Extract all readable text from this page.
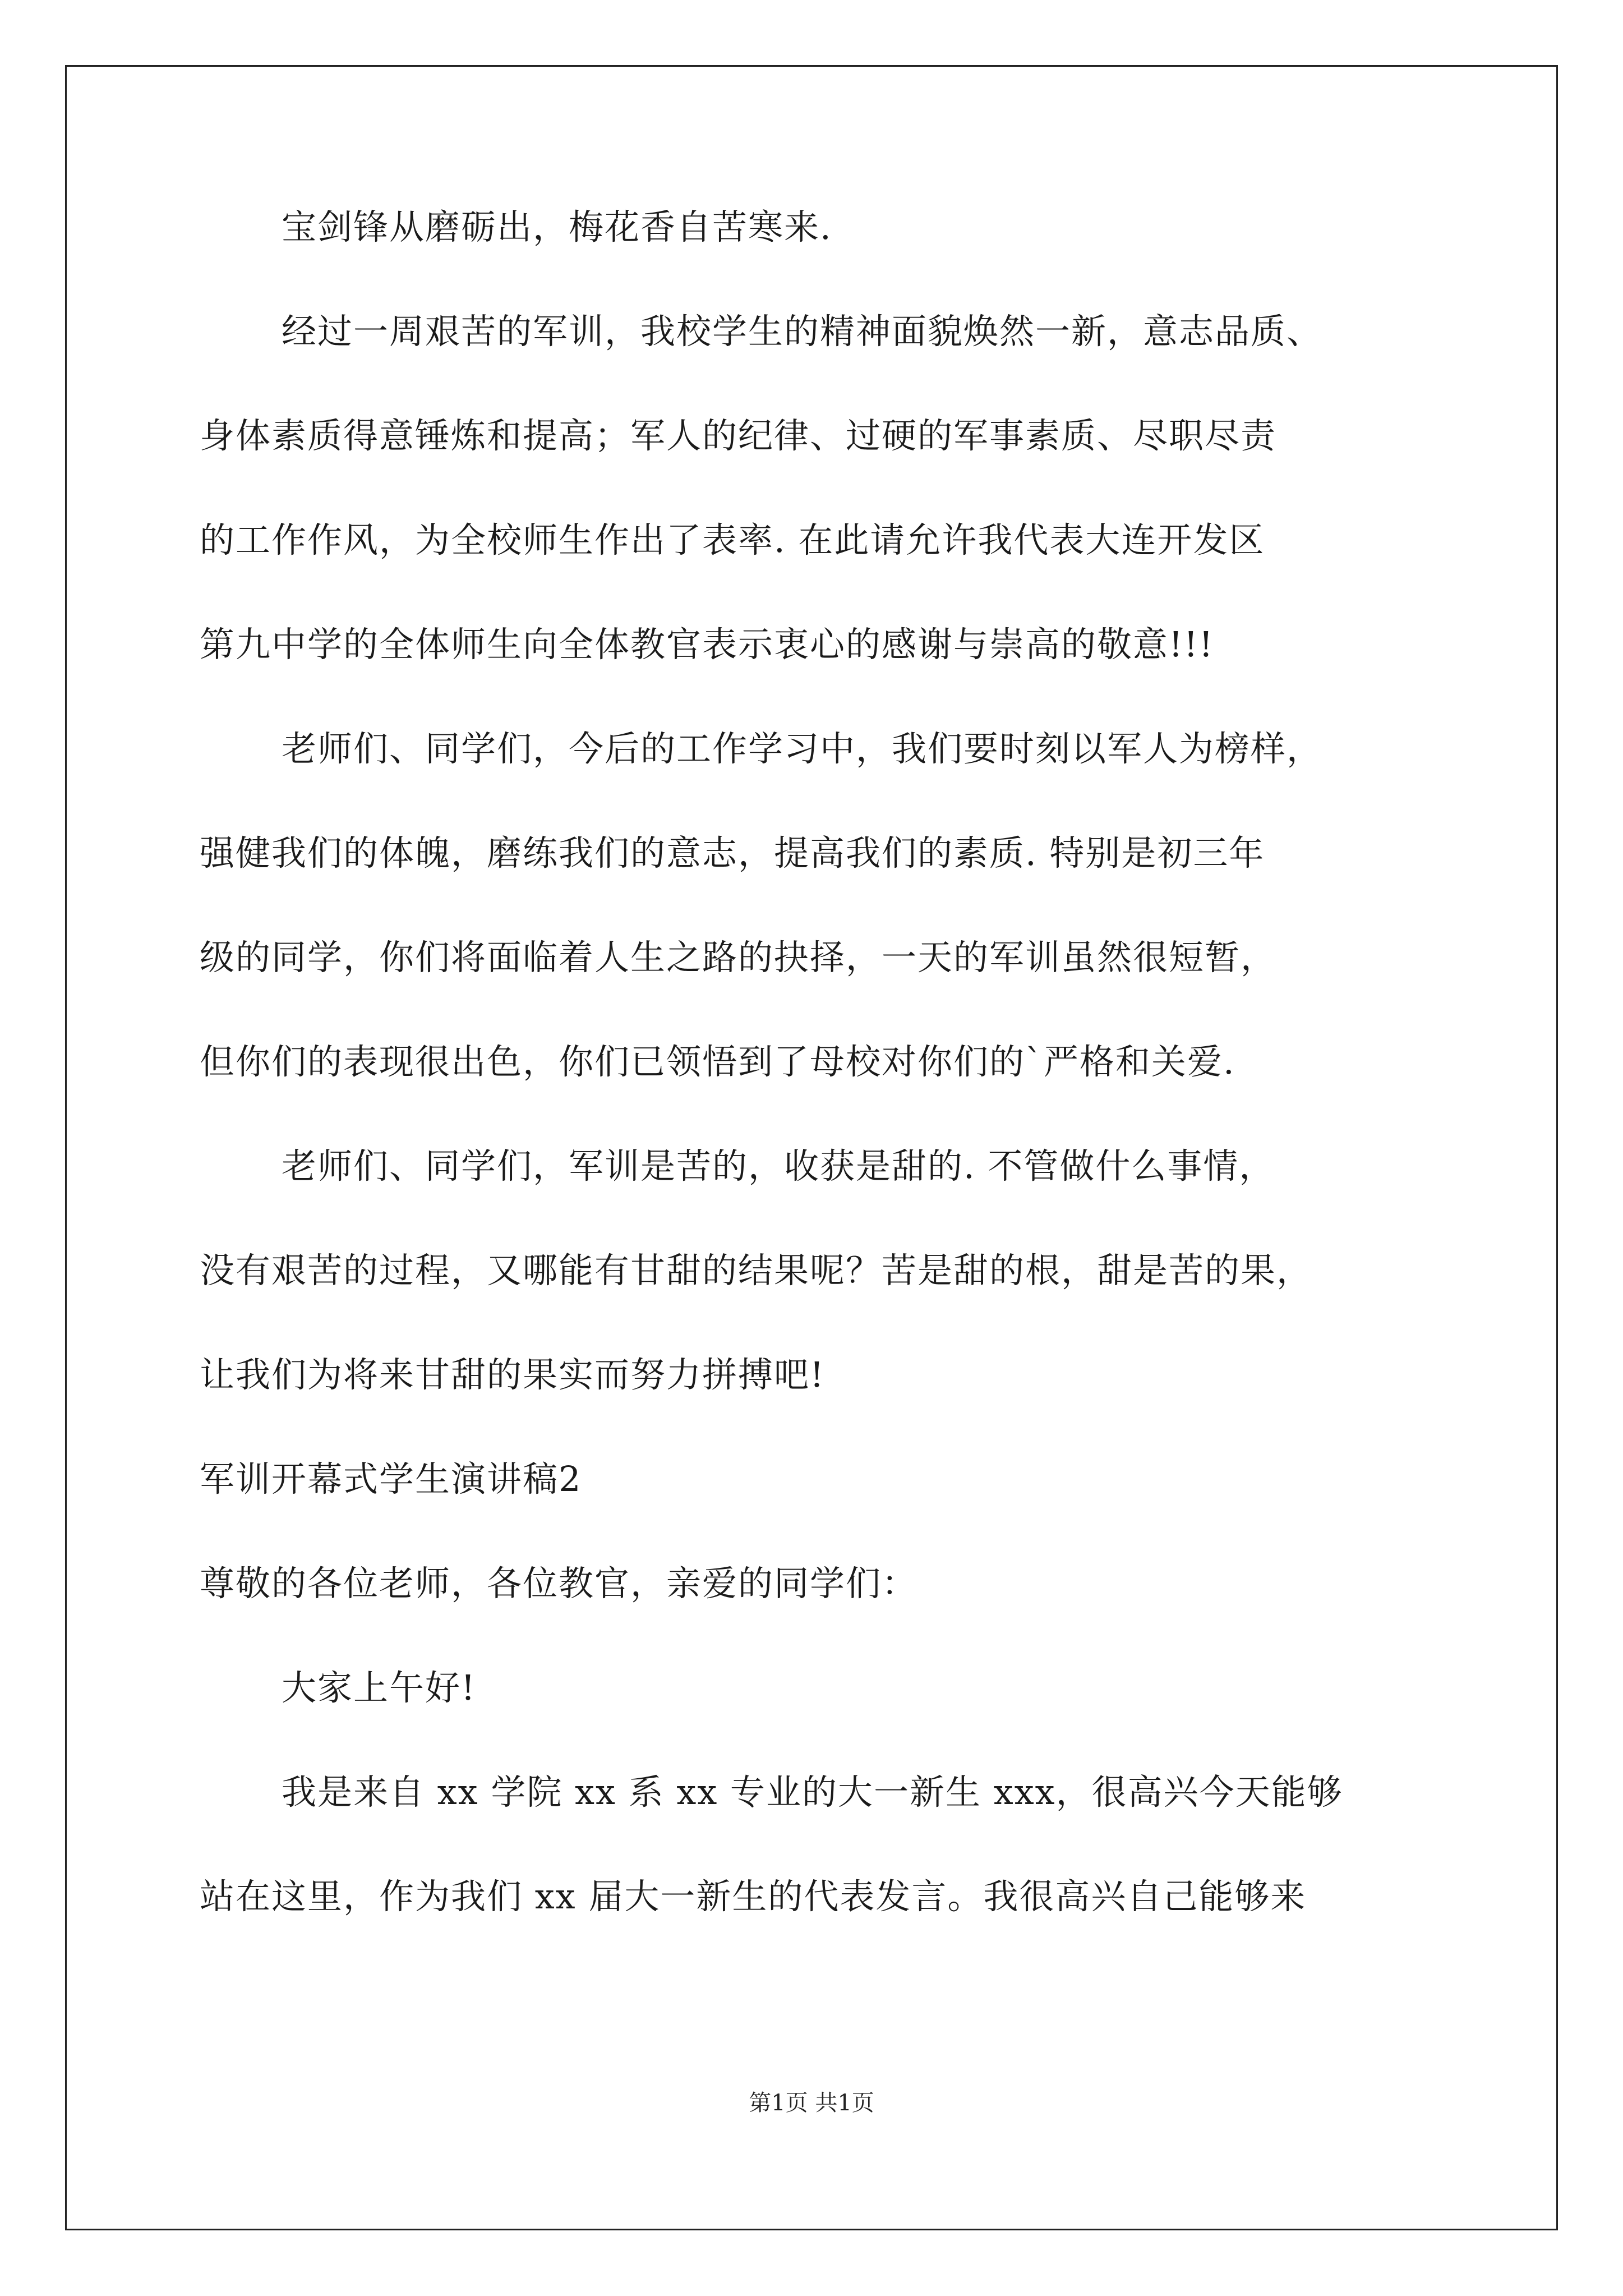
宝剑锋从磨砺出，梅花香自苦寒来.
经过一周艰苦的军训，我校学生的精神面貌焕然一新，意志品质、
身体素质得意锤炼和提高；军人的纪律、过硬的军事素质、尽职尽责
的工作作风，为全校师生作出了表率. 在此请允许我代表大连开发区
第九中学的全体师生向全体教官表示衷心的感谢与崇高的敬意!!!
老师们、同学们，今后的工作学习中，我们要时刻以军人为榜样，
强健我们的体魄，磨练我们的意志，提高我们的素质. 特别是初三年
级的同学，你们将面临着人生之路的抉择，一天的军训虽然很短暂，
但你们的表现很出色，你们已领悟到了母校对你们的`严格和关爱.
老师们、同学们，军训是苦的，收获是甜的. 不管做什么事情，
没有艰苦的过程，又哪能有甘甜的结果呢？苦是甜的根，甜是苦的果，
让我们为将来甘甜的果实而努力拼搏吧!
军训开幕式学生演讲稿2
尊敬的各位老师，各位教官，亲爱的同学们：
大家上午好!
我是来自 xx 学院 xx 系 xx 专业的大一新生 xxx，很高兴今天能够
站在这里，作为我们 xx 届大一新生的代表发言。我很高兴自己能够来
第1页 共1页
